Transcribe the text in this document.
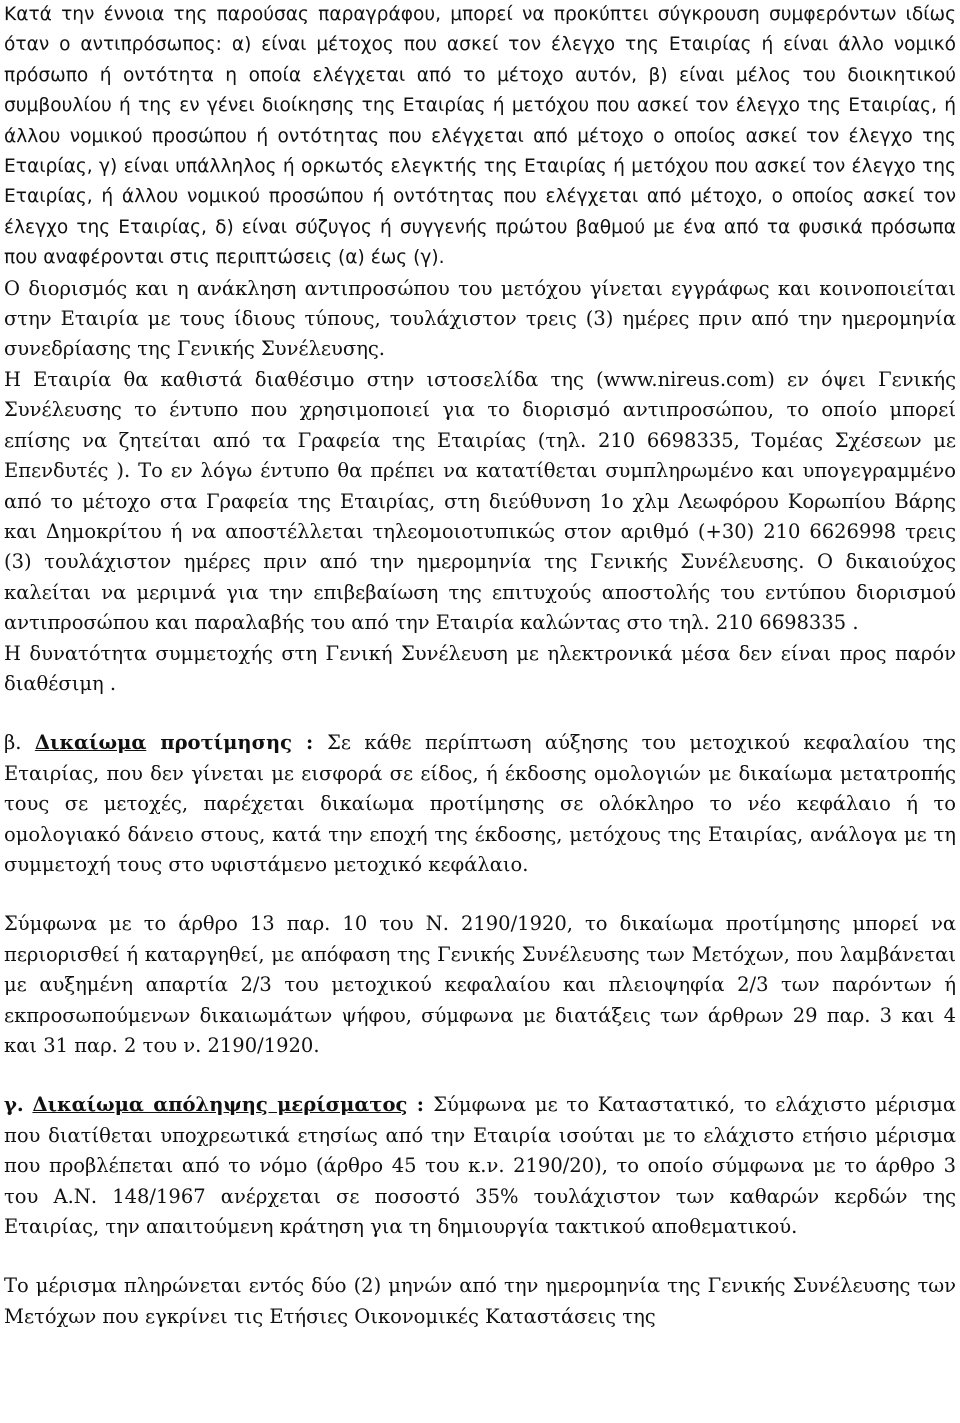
Κατά την έννοια της παρούσας παραγράφου, μπορεί να προκύπτει σύγκρουση συμφερόντων ιδίως όταν ο αντιπρόσωπος: α) είναι μέτοχος που ασκεί τον έλεγχο της Εταιρίας ή είναι άλλο νομικό πρόσωπο ή οντότητα η οποία ελέγχεται από το μέτοχο αυτόν, β) είναι μέλος του διοικητικού συμβουλίου ή της εν γένει διοίκησης της Εταιρίας ή μετόχου που ασκεί τον έλεγχο της Εταιρίας, ή άλλου νομικού προσώπου ή οντότητας που ελέγχεται από μέτοχο ο οποίος ασκεί τον έλεγχο της Εταιρίας, γ) είναι υπάλληλος ή ορκωτός ελεγκτής της Εταιρίας ή μετόχου που ασκεί τον έλεγχο της Εταιρίας, ή άλλου νομικού προσώπου ή οντότητας που ελέγχεται από μέτοχο, ο οποίος ασκεί τον έλεγχο της Εταιρίας, δ) είναι σύζυγος ή συγγενής πρώτου βαθμού με ένα από τα φυσικά πρόσωπα που αναφέρονται στις περιπτώσεις (α) έως (γ).

Ο διορισμός και η ανάκληση αντιπροσώπου του μετόχου γίνεται εγγράφως και κοινοποιείται στην Εταιρία με τους ίδιους τύπους, τουλάχιστον τρεις (3) ημέρες πριν από την ημερομηνία συνεδρίασης της Γενικής Συνέλευσης.

Η Εταιρία θα καθιστά διαθέσιμο στην ιστοσελίδα της (www.nireus.com) εν όψει Γενικής Συνέλευσης το έντυπο που χρησιμοποιεί για το διορισμό αντιπροσώπου, το οποίο μπορεί επίσης να ζητείται από τα Γραφεία της Εταιρίας (τηλ. 210 6698335, Τομέας Σχέσεων με Επενδυτές ). Το εν λόγω έντυπο θα πρέπει να κατατίθεται συμπληρωμένο και υπογεγραμμένο από το μέτοχο στα Γραφεία της Εταιρίας, στη διεύθυνση 1ο χλμ Λεωφόρου Κορωπίου Βάρης και Δημοκρίτου ή να αποστέλλεται τηλεομοιοτυπικώς στον αριθμό (+30) 210 6626998 τρεις (3) τουλάχιστον ημέρες πριν από την ημερομηνία της Γενικής Συνέλευσης. Ο δικαιούχος καλείται να μεριμνά για την επιβεβαίωση της επιτυχούς αποστολής του εντύπου διορισμού αντιπροσώπου και παραλαβής του από την Εταιρία καλώντας στο τηλ. 210 6698335 .

Η δυνατότητα συμμετοχής στη Γενική Συνέλευση με ηλεκτρονικά μέσα δεν είναι προς παρόν διαθέσιμη .

β. Δικαίωμα προτίμησης : Σε κάθε περίπτωση αύξησης του μετοχικού κεφαλαίου της Εταιρίας, που δεν γίνεται με εισφορά σε είδος, ή έκδοσης ομολογιών με δικαίωμα μετατροπής τους σε μετοχές, παρέχεται δικαίωμα προτίμησης σε ολόκληρο το νέο κεφάλαιο ή το ομολογιακό δάνειο στους, κατά την εποχή της έκδοσης, μετόχους της Εταιρίας, ανάλογα με τη συμμετοχή τους στο υφιστάμενο μετοχικό κεφάλαιο.

Σύμφωνα με το άρθρο 13 παρ. 10 του Ν. 2190/1920, το δικαίωμα προτίμησης μπορεί να περιορισθεί ή καταργηθεί, με απόφαση της Γενικής Συνέλευσης των Μετόχων, που λαμβάνεται με αυξημένη απαρτία 2/3 του μετοχικού κεφαλαίου και πλειοψηφία 2/3 των παρόντων ή εκπροσωπούμενων δικαιωμάτων ψήφου, σύμφωνα με διατάξεις των άρθρων 29 παρ. 3 και 4 και 31 παρ. 2 του ν. 2190/1920.

γ. Δικαίωμα απόληψης μερίσματος : Σύμφωνα με το Καταστατικό, το ελάχιστο μέρισμα που διατίθεται υποχρεωτικά ετησίως από την Εταιρία ισούται με το ελάχιστο ετήσιο μέρισμα που προβλέπεται από το νόμο (άρθρο 45 του κ.ν. 2190/20), το οποίο σύμφωνα με το άρθρο 3 του Α.Ν. 148/1967 ανέρχεται σε ποσοστό 35% τουλάχιστον των καθαρών κερδών της Εταιρίας, την απαιτούμενη κράτηση για τη δημιουργία τακτικού αποθεματικού.

Το μέρισμα πληρώνεται εντός δύο (2) μηνών από την ημερομηνία της Γενικής Συνέλευσης των Μετόχων που εγκρίνει τις Ετήσιες Οικονομικές Καταστάσεις της
